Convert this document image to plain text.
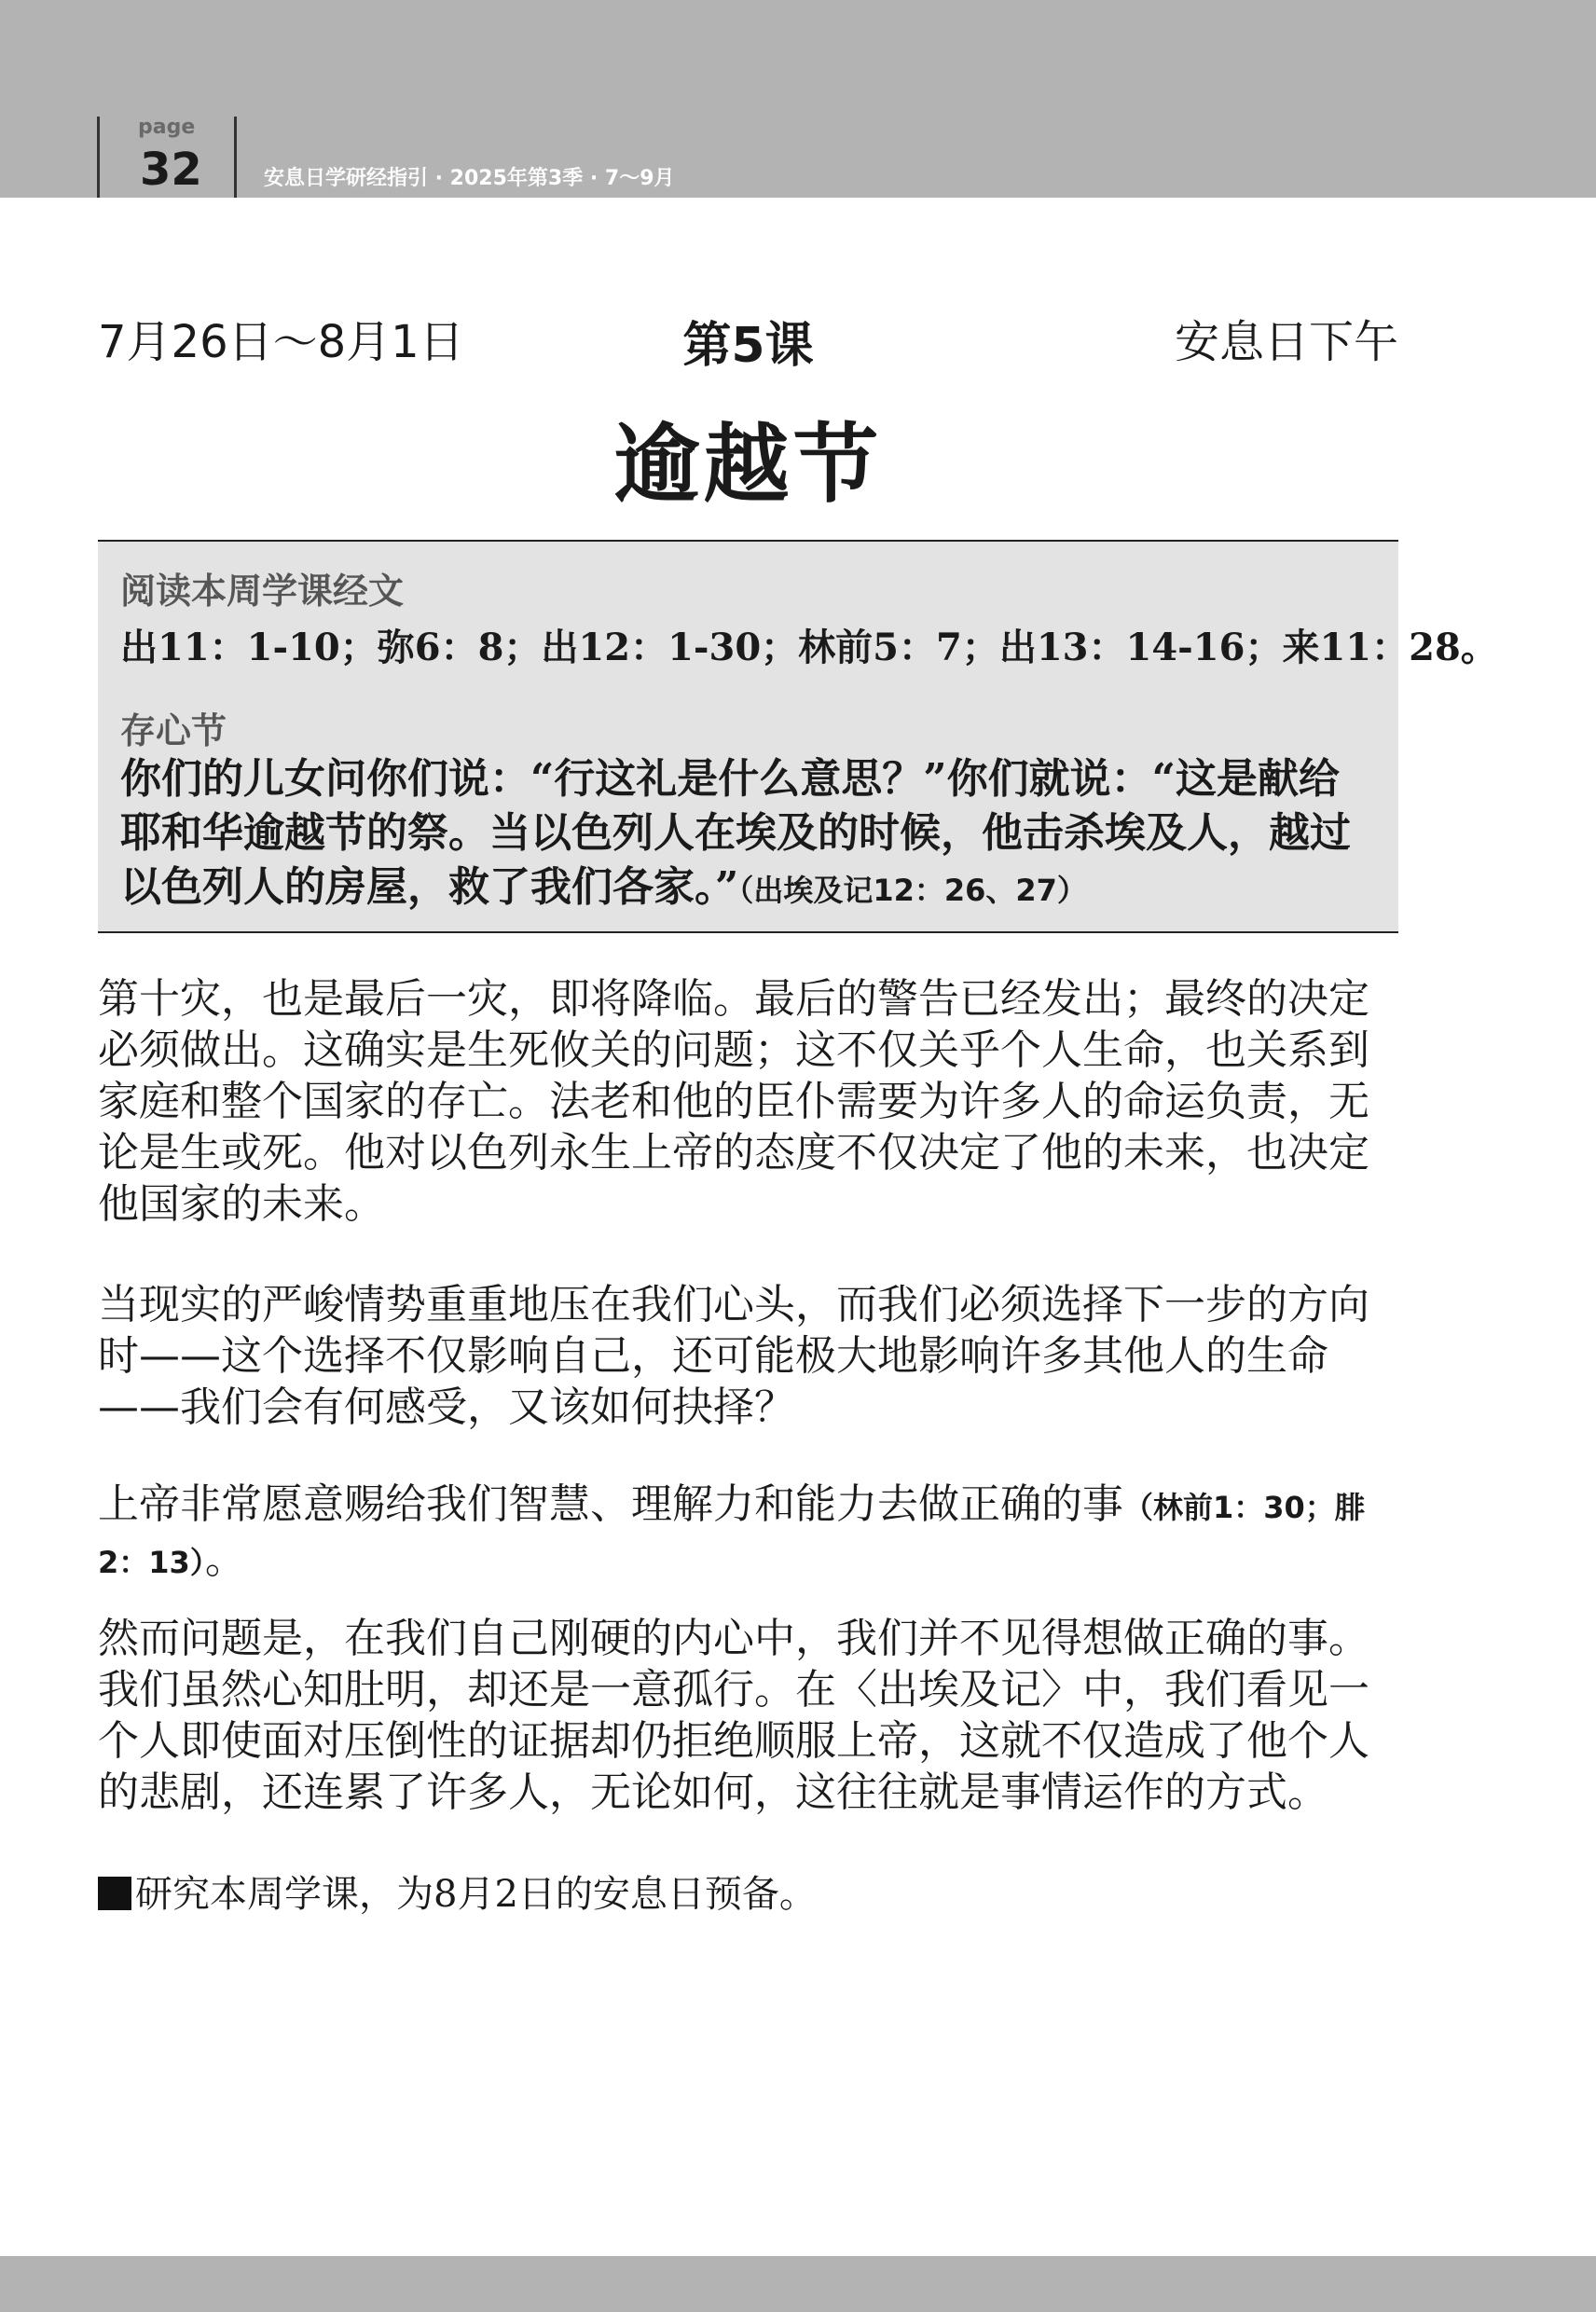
page
32	安息日学研经指引 · 2025年第3季 · 7～9月
7月26日～8月1日	第5课	安息日下午
逾越节
阅读本周学课经文
出11：1-10；弥6：8；出12：1-30；林前5：7；出13：14-16；来11：28。
存心节
你们的儿女问你们说：“行这礼是什么意思？”你们就说：“这是献给耶和华逾越节的祭。当以色列人在埃及的时候，他击杀埃及人，越过以色列人的房屋，救了我们各家。”（出埃及记12：26、27）
第十灾，也是最后一灾，即将降临。最后的警告已经发出；最终的决定必须做出。这确实是生死攸关的问题；这不仅关乎个人生命，也关系到家庭和整个国家的存亡。法老和他的臣仆需要为许多人的命运负责，无论是生或死。他对以色列永生上帝的态度不仅决定了他的未来，也决定他国家的未来。
当现实的严峻情势重重地压在我们心头，而我们必须选择下一步的方向时——这个选择不仅影响自己，还可能极大地影响许多其他人的生命——我们会有何感受，又该如何抉择？
上帝非常愿意赐给我们智慧、理解力和能力去做正确的事（林前1：30；腓2：13）。
然而问题是，在我们自己刚硬的内心中，我们并不见得想做正确的事。我们虽然心知肚明，却还是一意孤行。在〈出埃及记〉中，我们看见一个人即使面对压倒性的证据却仍拒绝顺服上帝，这就不仅造成了他个人的悲剧，还连累了许多人，无论如何，这往往就是事情运作的方式。
研究本周学课，为8月2日的安息日预备。
